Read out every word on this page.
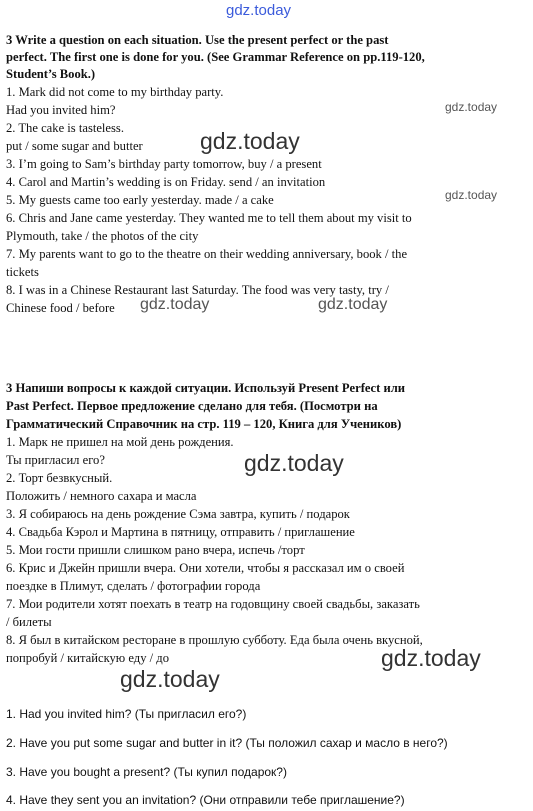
gdz.today
gdz.today
gdz.today
gdz.today
gdz.today	gdz.today
gdz.today
gdz.today
gdz.today
3 Write a question on each situation. Use the present perfect or the past
perfect. The first one is done for you. (See Grammar Reference on pp.119-120,
Student’s Book.)
1. Mark did not come to my birthday party.
Had you invited him?
2. The cake is tasteless.
put / some sugar and butter
3. I’m going to Sam’s birthday party tomorrow, buy / a present
4. Carol and Martin’s wedding is on Friday. send / an invitation
5. My guests came too early yesterday. made / a cake
6. Chris and Jane came yesterday. They wanted me to tell them about my visit to
Plymouth, take / the photos of the city
7. My parents want to go to the theatre on their wedding anniversary, book / the
tickets
8. I was in a Chinese Restaurant last Saturday. The food was very tasty, try /
Chinese food / before
3 Напиши вопросы к каждой ситуации. Используй Present Perfect или
Past Perfect. Первое предложение сделано для тебя. (Посмотри на
Грамматический Справочник на стр. 119 – 120, Книга для Учеников)
1. Марк не пришел на мой день рождения.
Ты пригласил его?
2. Торт безвкусный.
Положить / немного сахара и масла
3. Я собираюсь на день рождение Сэма завтра, купить / подарок
4. Свадьба Кэрол и Мартина в пятницу, отправить / приглашение
5. Мои гости пришли слишком рано вчера, испечь /торт
6. Крис и Джейн пришли вчера. Они хотели, чтобы я рассказал им о своей
поездке в Плимут, сделать / фотографии города
7. Мои родители хотят поехать в театр на годовщину своей свадьбы, заказать
/ билеты
8. Я был в китайском ресторане в прошлую субботу. Еда была очень вкусной,
попробуй / китайскую еду / до
1. Had you invited him? (Ты пригласил его?)
2. Have you put some sugar and butter in it? (Ты положил сахар и масло в него?)
3. Have you bought a present? (Ты купил подарок?)
4. Have they sent you an invitation? (Они отправили тебе приглашение?)
